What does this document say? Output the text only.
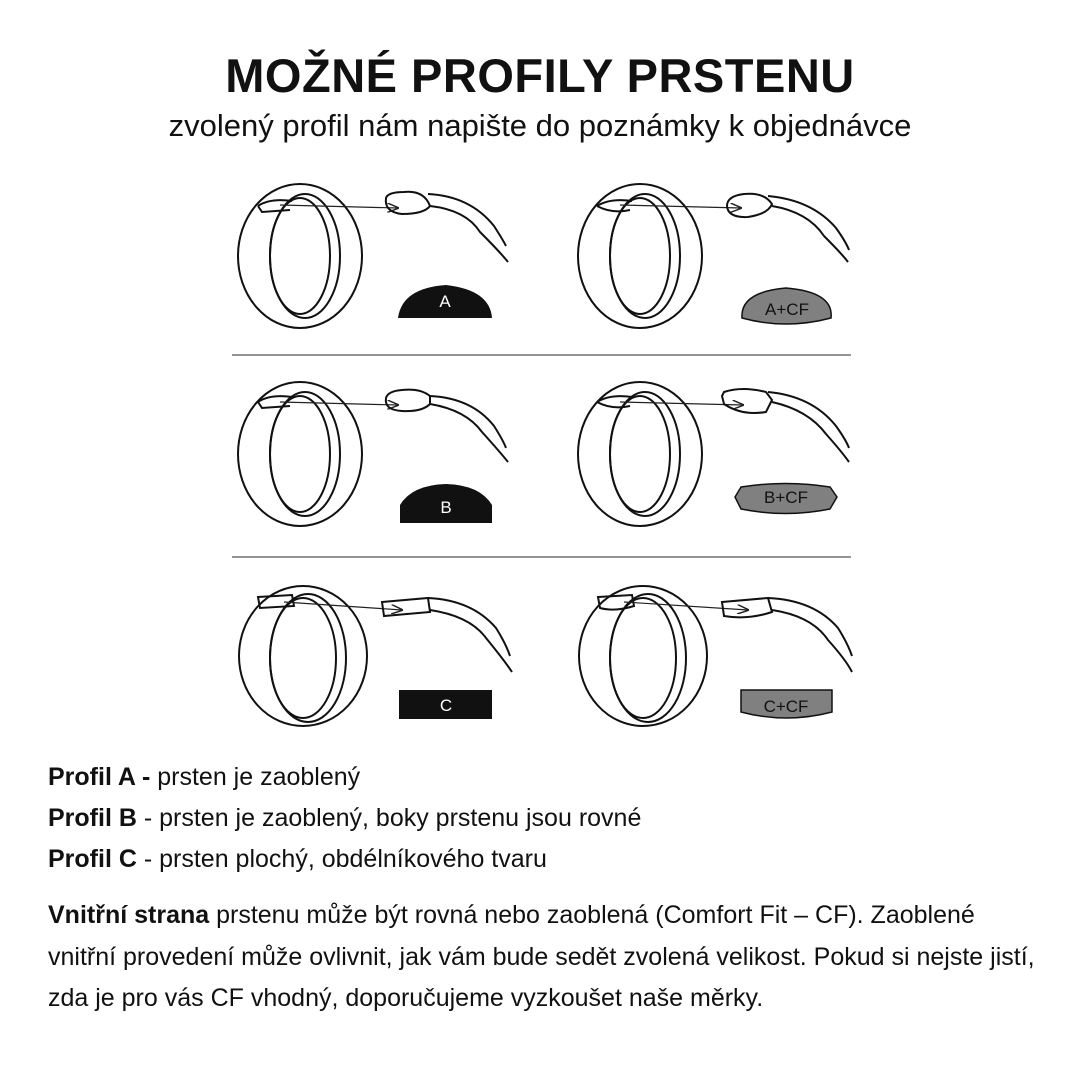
MOŽNÉ PROFILY PRSTENU
zvolený profil nám napište do poznámky k objednávce
A	A+CF
B
B+CF
C	C+CF
Profil A - prsten je zaoblený
Profil B - prsten je zaoblený, boky prstenu jsou rovné
Profil C - prsten plochý, obdélníkového tvaru
Vnitřní strana prstenu může být rovná nebo zaoblená (Comfort Fit – CF). Zaoblené vnitřní provedení může ovlivnit, jak vám bude sedět zvolená velikost. Pokud si nejste jistí, zda je pro vás CF vhodný, doporučujeme vyzkoušet naše měrky.
